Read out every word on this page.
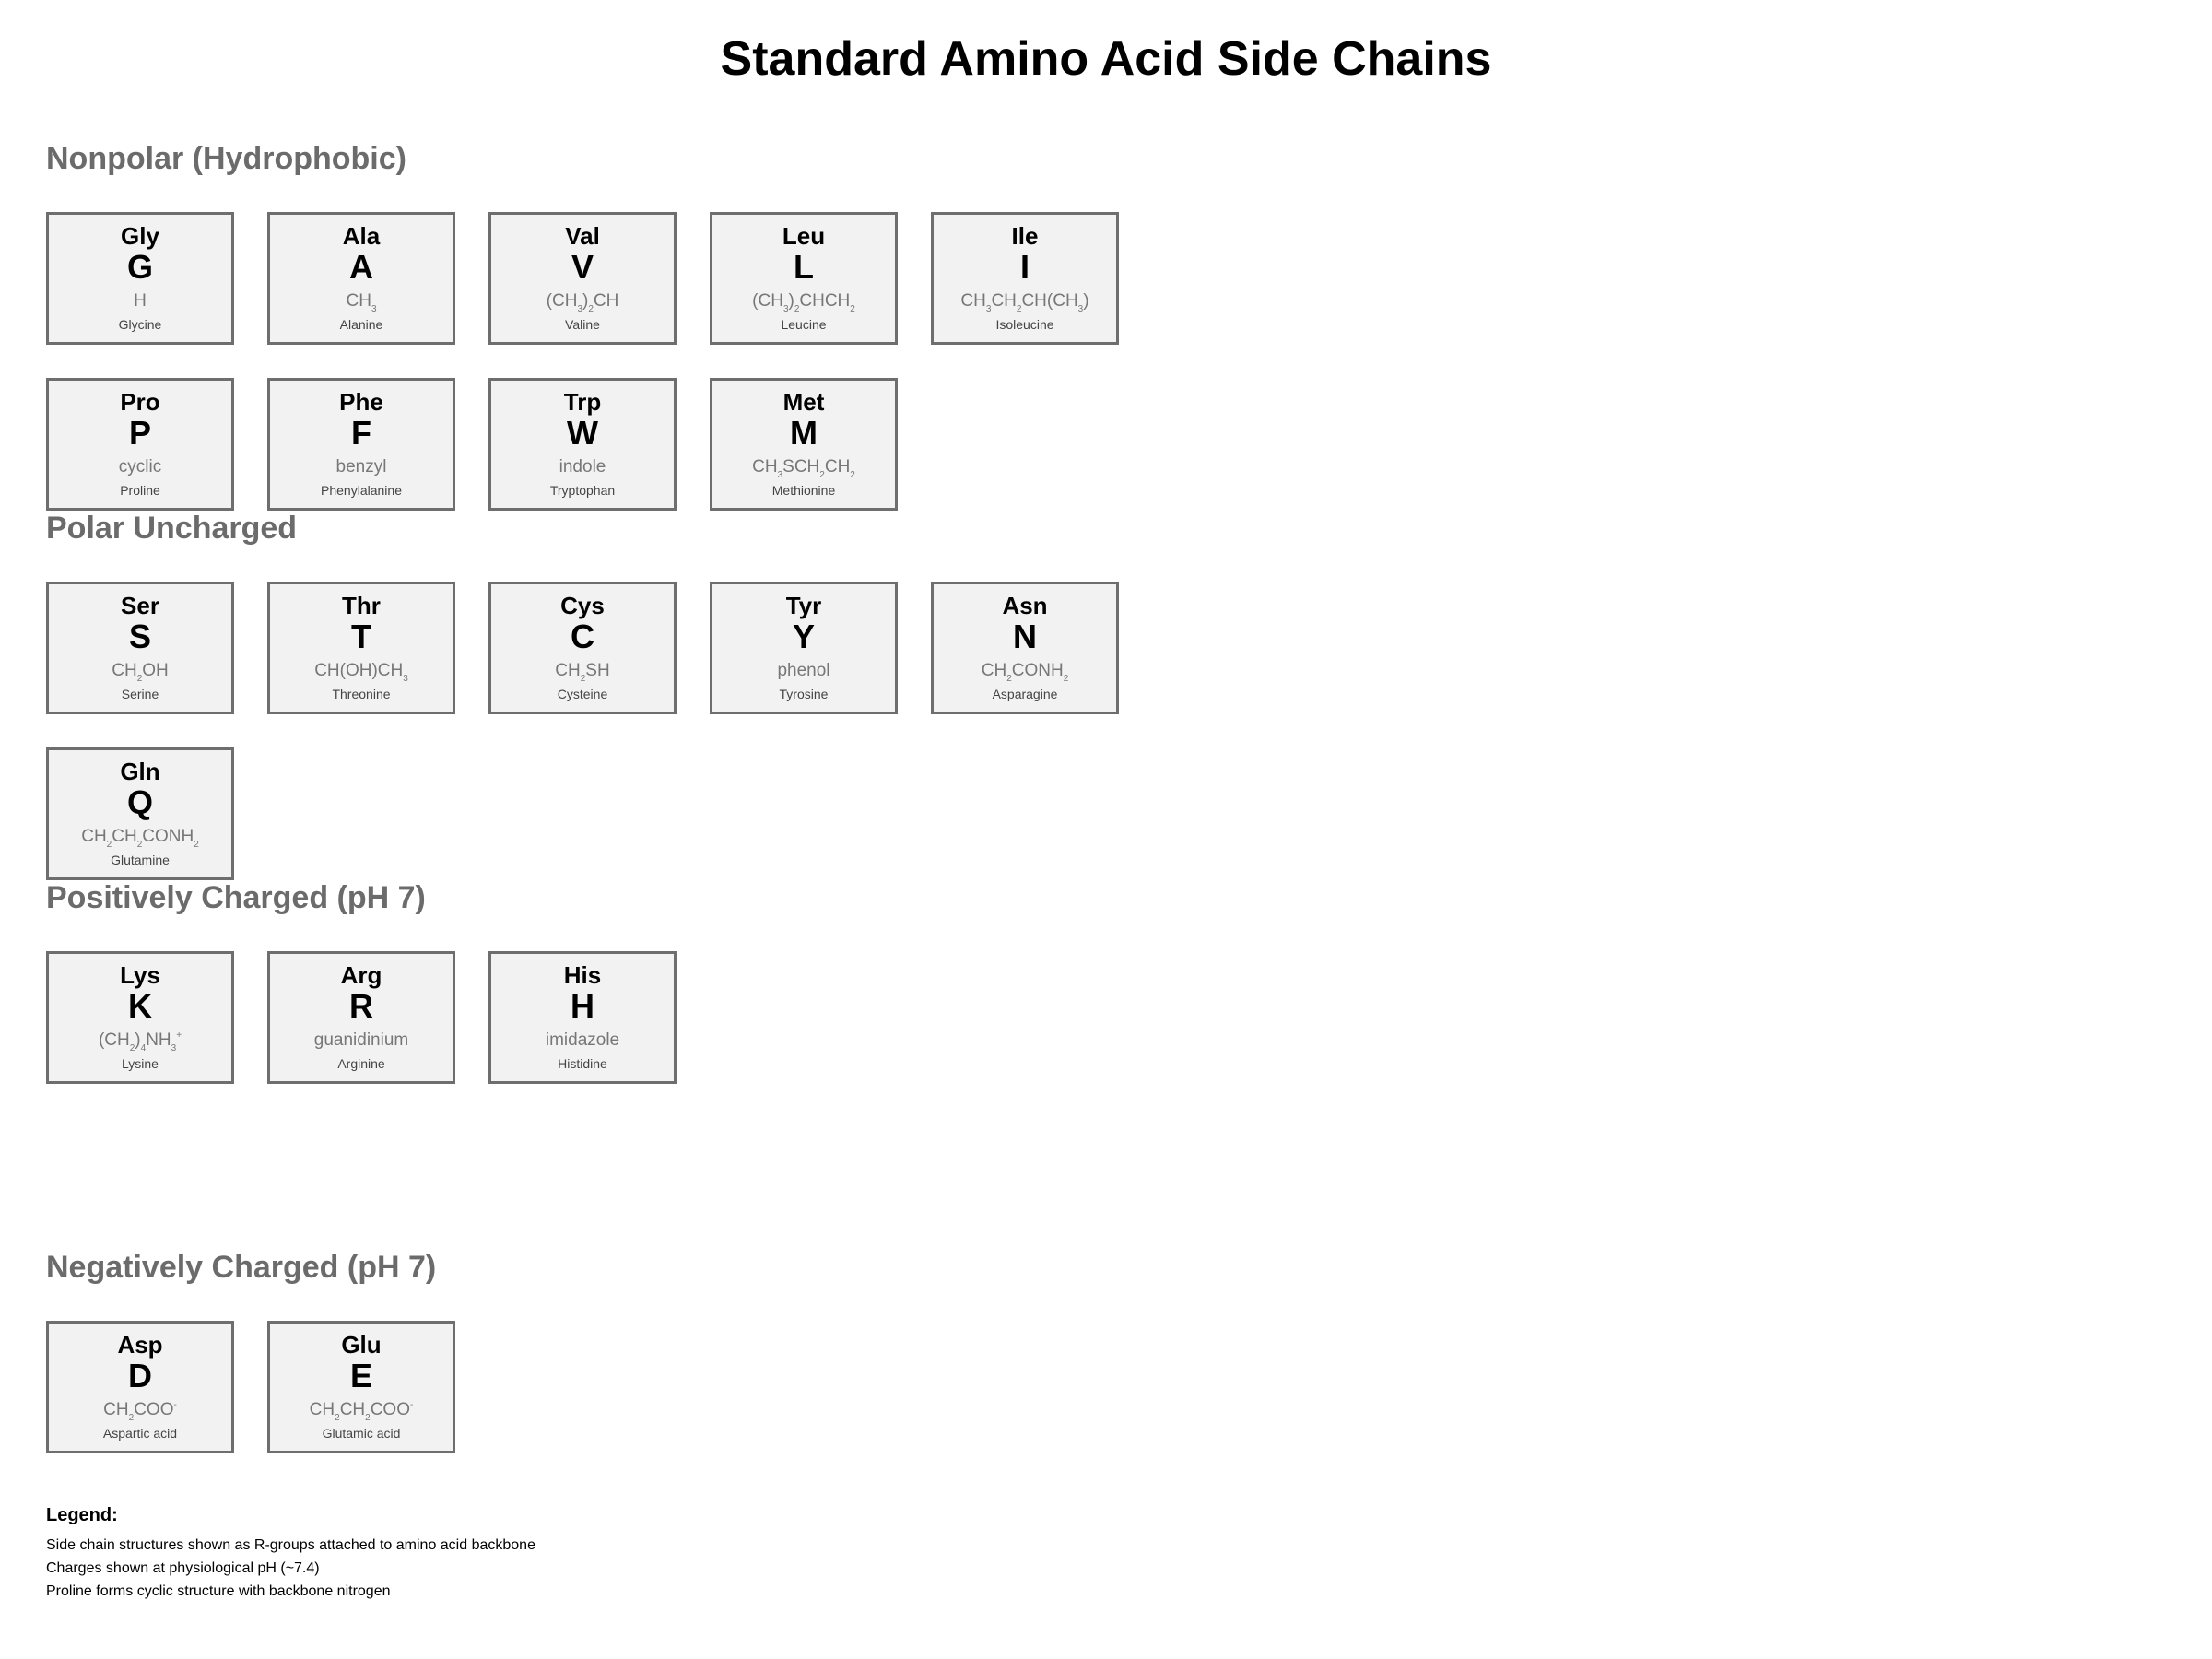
Standard Amino Acid Side Chains
Nonpolar (Hydrophobic)
Gly
G
H
Glycine
Ala
A
$CH_3$
Alanine
Val
V
$(CH_3)_2CH$
Valine
Leu
L
$(CH_3)_2CHCH_2$
Leucine
Ile
I
$CH_3CH_2CH(CH_3)$
Isoleucine
Pro
P
cyclic
Proline
Phe
F
benzyl
Phenylalanine
Trp
W
indole
Tryptophan
Met
M
$CH_3SCH_2CH_2$
Methionine
Polar Uncharged
Ser
S
$CH_2OH$
Serine
Thr
T
$CH(OH)CH_3$
Threonine
Cys
C
$CH_2SH$
Cysteine
Tyr
Y
phenol
Tyrosine
Asn
N
$CH_2CONH_2$
Asparagine
Gln
Q
$CH_2CH_2CONH_2$
Glutamine
Positively Charged (pH 7)
Lys
K
$(CH_2)_4NH_3^+$
Lysine
Arg
R
guanidinium
Arginine
His
H
imidazole
Histidine
Negatively Charged (pH 7)
Asp
D
$CH_2COO^-$
Aspartic acid
Glu
E
$CH_2CH_2COO^-$
Glutamic acid
Legend:
Side chain structures shown as R-groups attached to amino acid backbone
Charges shown at physiological pH (~7.4)
Proline forms cyclic structure with backbone nitrogen
